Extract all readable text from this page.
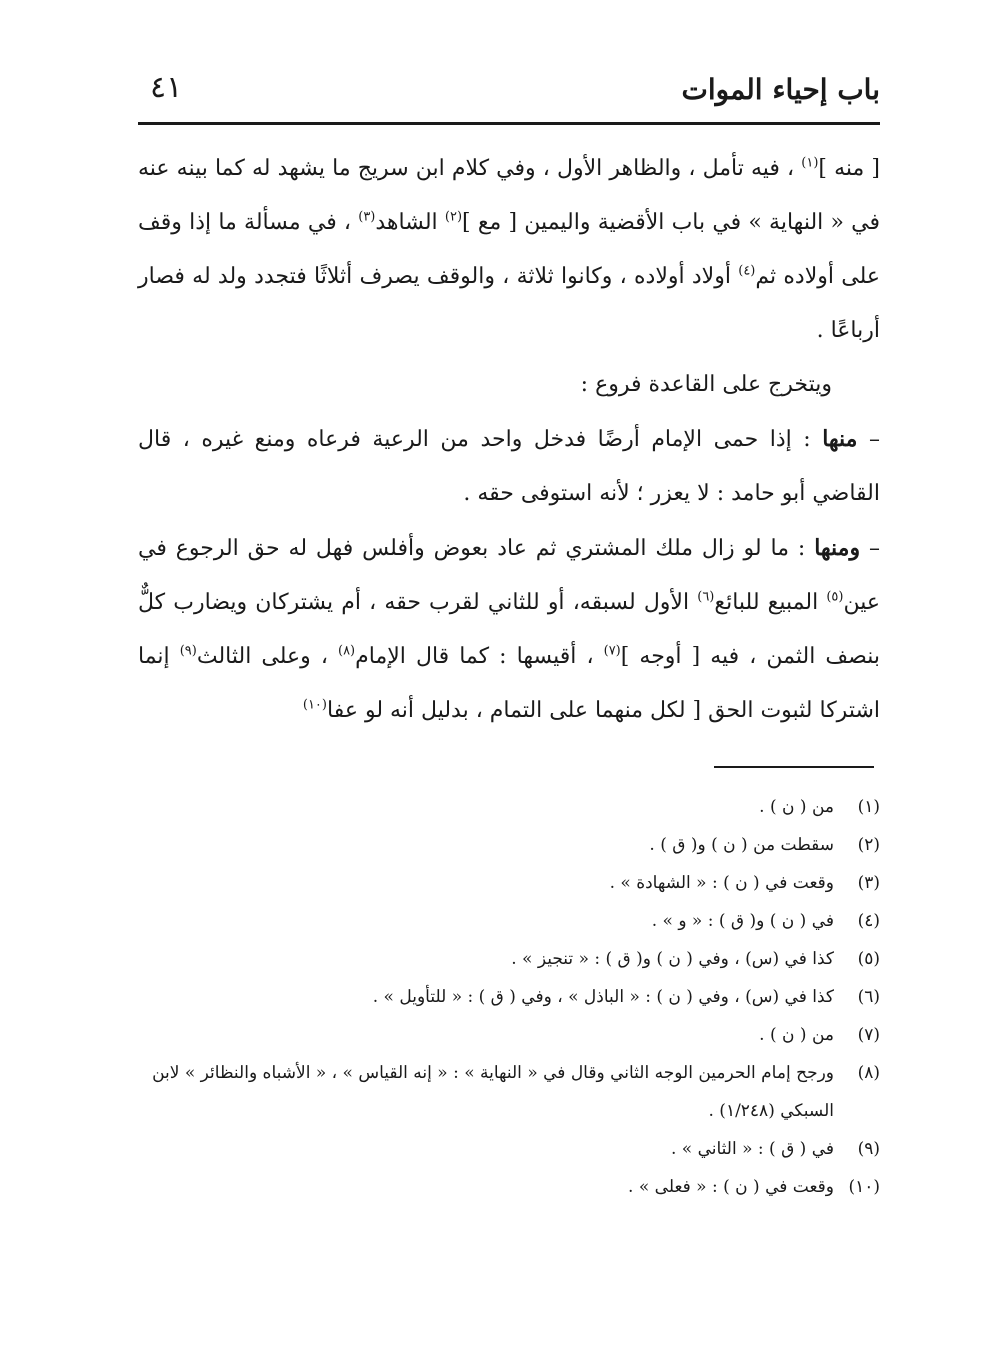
باب إحياء الموات
٤١

[ منه ]$^{(١)}$ ، فيه تأمل ، والظاهر الأول ، وفي كلام ابن سريج ما يشهد له كما بينه عنه في « النهاية » في باب الأقضية واليمين [ مع ]$^{(٢)}$ الشاهد$^{(٣)}$ ، في مسألة ما إذا وقف على أولاده ثم$^{(٤)}$ أولاد أولاده ، وكانوا ثلاثة ، والوقف يصرف أثلاثًا فتجدد ولد له فصار أرباعًا .

ويتخرج على القاعدة فروع :

– منها : إذا حمى الإمام أرضًا فدخل واحد من الرعية فرعاه ومنع غيره ، قال القاضي أبو حامد : لا يعزر ؛ لأنه استوفى حقه .

– ومنها : ما لو زال ملك المشتري ثم عاد بعوض وأفلس فهل له حق الرجوع في عين$^{(٥)}$ المبيع للبائع$^{(٦)}$ الأول لسبقه، أو للثاني لقرب حقه ، أم يشتركان ويضارب كلٌّ بنصف الثمن ، فيه [ أوجه ]$^{(٧)}$ ، أقيسها : كما قال الإمام$^{(٨)}$ ، وعلى الثالث$^{(٩)}$ إنما اشتركا لثبوت الحق [ لكل منهما على التمام ، بدليل أنه لو عفا$^{(١٠)}$

(١)
من ( ن ) .
(٢)
سقطت من ( ن ) و( ق ) .
(٣)
وقعت في ( ن ) : « الشهادة » .
(٤)
في ( ن ) و( ق ) : « و » .
(٥)
كذا في (س) ، وفي ( ن ) و( ق ) : « تنجيز » .
(٦)
كذا في (س) ، وفي ( ن ) : « الباذل » ، وفي ( ق ) : « للتأويل » .
(٧)
من ( ن ) .
(٨)
ورجح إمام الحرمين الوجه الثاني وقال في « النهاية » : « إنه القياس » ، « الأشباه والنظائر » لابن السبكي (١/٢٤٨) .
(٩)
في ( ق ) : « الثاني » .
(١٠)
وقعت في ( ن ) : « فعلى » .
